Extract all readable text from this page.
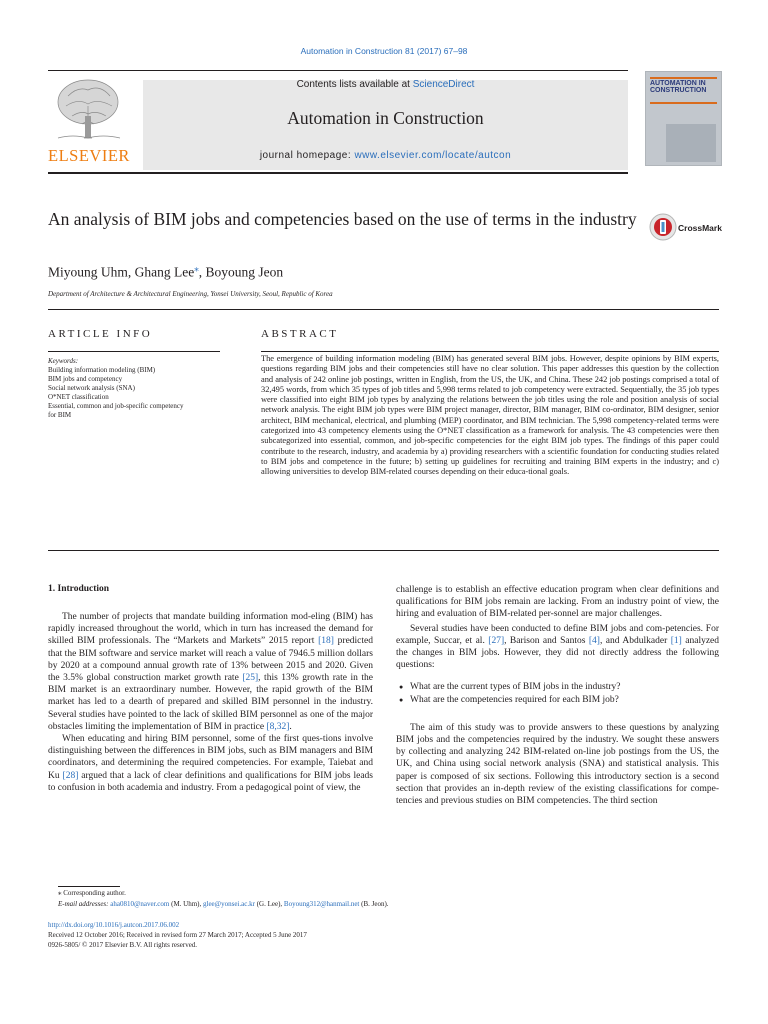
Automation in Construction 81 (2017) 67–98
ELSEVIER
Contents lists available at ScienceDirect
Automation in Construction
journal homepage: www.elsevier.com/locate/autcon
AUTOMATION IN CONSTRUCTION
An analysis of BIM jobs and competencies based on the use of terms in the industry	CrossMark
Miyoung Uhm, Ghang Lee⁎, Boyoung Jeon
Department of Architecture & Architectural Engineering, Yonsei University, Seoul, Republic of Korea
ARTICLE INFO
Keywords:
Building information modeling (BIM)
BIM jobs and competency
Social network analysis (SNA)
O*NET classification
Essential, common and job-specific competency
for BIM
ABSTRACT
The emergence of building information modeling (BIM) has generated several BIM jobs. However, despite opinions by BIM experts, questions regarding BIM jobs and their competencies still have no clear solution. This paper addresses this question by the collection and analysis of 242 online job postings, written in English, from the US, the UK, and China. These 242 job postings comprised a total of 32,495 words, from which 35 types of job titles and 5,998 terms related to job competency were extracted. Sequentially, the 35 job types were classified into eight BIM job types by analyzing the relations between the job titles using the role and position analysis of social network analysis. The eight BIM job types were BIM project manager, director, BIM manager, BIM co-ordinator, BIM designer, senior architect, BIM mechanical, electrical, and plumbing (MEP) coordinator, and BIM technician. The 5,998 competency-related terms were categorized into 43 competency elements using the O*NET classification as a framework for analysis. The 43 competencies were then subcategorized into essential, common, and job-specific competencies for the eight BIM job types. The findings of this paper could contribute to the research, industry, and academia by a) providing researchers with a scientific foundation for conducting studies related to BIM jobs and competence in the future; b) setting up guidelines for recruiting and training BIM experts in the industry; and c) allowing universities to develop BIM-related courses depending on their educa-tional goals.
1. Introduction

The number of projects that mandate building information mod-eling (BIM) has rapidly increased throughout the world, which in turn has increased the demand for skilled BIM professionals. The “Markets and Markets” 2015 report [18] predicted that the BIM software and service market will reach a value of 7946.5 million dollars by 2020 at a compound annual growth rate of 13% between 2015 and 2020. Given the 3.5% global construction market growth rate [25], this 13% growth rate in the BIM market is an extraordinary number. However, the rapid growth of the BIM market has led to a dearth of prepared and skilled BIM personnel in the industry. Several studies have pointed to the lack of skilled BIM personnel as one of the major obstacles limiting the implementation of BIM in practice [8,32].

When educating and hiring BIM personnel, some of the first ques-tions involve distinguishing between the differences in BIM jobs, such as BIM managers and BIM coordinators, and determining the required competencies. For example, Taiebat and Ku [28] argued that a lack of clear definitions and qualifications for BIM jobs leads to confusion in both academia and industry. From a pedagogical point of view, the

challenge is to establish an effective education program when clear definitions and qualifications for BIM jobs remain are lacking. From an industry point of view, the hiring and evaluation of BIM-related per-sonnel are major challenges.

Several studies have been conducted to define BIM jobs and com-petencies. For example, Succar, et al. [27], Barison and Santos [4], and Abdulkader [1] analyzed the changes in BIM jobs. However, they did not directly address the following questions:

● What are the current types of BIM jobs in the industry?
● What are the competencies required for each BIM job?

The aim of this study was to provide answers to these questions by analyzing BIM jobs and the competencies required by the industry. We sought these answers by collecting and analyzing 242 BIM-related on-line job postings from the US, the UK, and China using social network analysis (SNA) and statistical analysis. This paper is composed of six sections. Following this introductory section is a second section that provides an in-depth review of the existing classifications for compe-tencies and previous studies on BIM competencies. The third section

⁎ Corresponding author.
E-mail addresses: aha0810@naver.com (M. Uhm), glee@yonsei.ac.kr (G. Lee), Boyoung312@hanmail.net (B. Jeon).
http://dx.doi.org/10.1016/j.autcon.2017.06.002
Received 12 October 2016; Received in revised form 27 March 2017; Accepted 5 June 2017
0926-5805/ © 2017 Elsevier B.V. All rights reserved.
